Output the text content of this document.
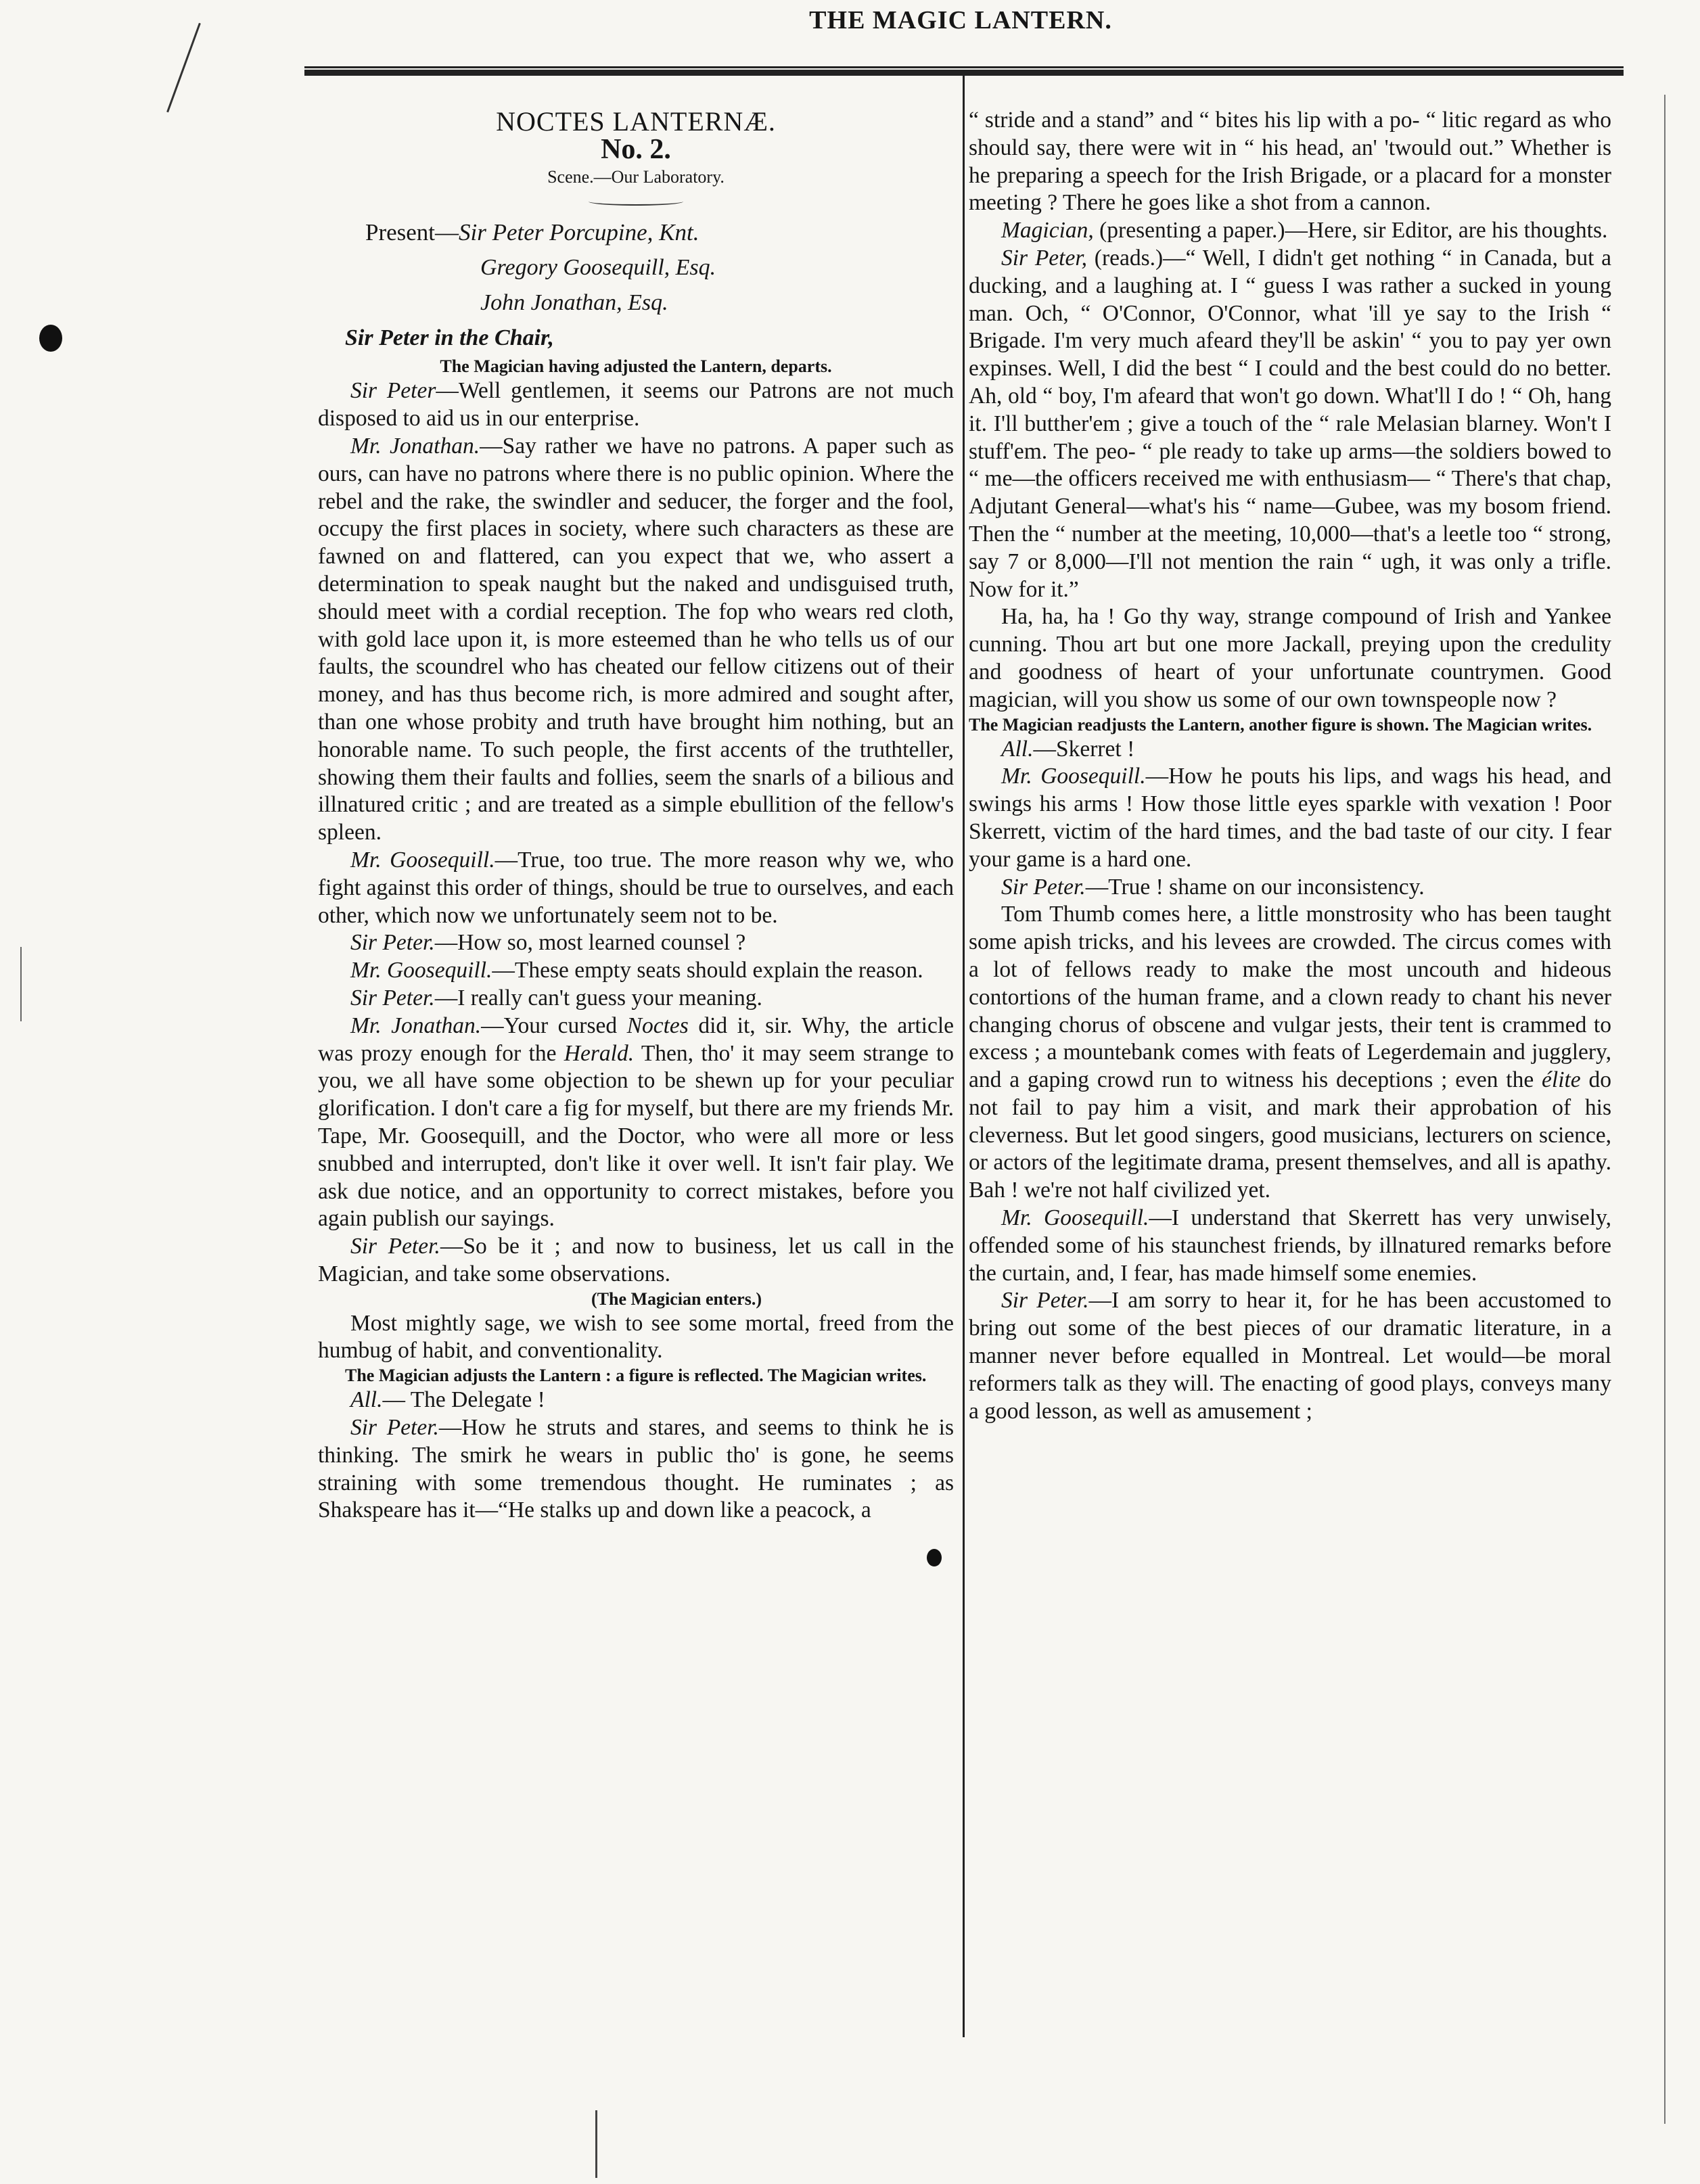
THE MAGIC LANTERN.

NOCTES LANTERNÆ.

No. 2.

Scene.—Our Laboratory.

Present—Sir Peter Porcupine, Knt.

Gregory Goosequill, Esq.

John Jonathan, Esq.

Sir Peter in the Chair,

The Magician having adjusted the Lantern, departs.

Sir Peter—Well gentlemen, it seems our Patrons are not much disposed to aid us in our enterprise.

Mr. Jonathan.—Say rather we have no patrons. A paper such as ours, can have no patrons where there is no public opinion. Where the rebel and the rake, the swindler and seducer, the forger and the fool, occupy the first places in society, where such characters as these are fawned on and flattered, can you expect that we, who assert a determination to speak naught but the naked and undisguised truth, should meet with a cordial reception. The fop who wears red cloth, with gold lace upon it, is more esteemed than he who tells us of our faults, the scoundrel who has cheated our fellow citizens out of their money, and has thus become rich, is more admired and sought after, than one whose probity and truth have brought him nothing, but an honorable name. To such people, the first accents of the truthteller, showing them their faults and follies, seem the snarls of a bilious and illnatured critic ; and are treated as a simple ebullition of the fellow's spleen.

Mr. Goosequill.—True, too true. The more reason why we, who fight against this order of things, should be true to ourselves, and each other, which now we unfortunately seem not to be.

Sir Peter.—How so, most learned counsel ?

Mr. Goosequill.—These empty seats should explain the reason.

Sir Peter.—I really can't guess your meaning.

Mr. Jonathan.—Your cursed Noctes did it, sir. Why, the article was prozy enough for the Herald. Then, tho' it may seem strange to you, we all have some objection to be shewn up for your peculiar glorification. I don't care a fig for myself, but there are my friends Mr. Tape, Mr. Goosequill, and the Doctor, who were all more or less snubbed and interrupted, don't like it over well. It isn't fair play. We ask due notice, and an opportunity to correct mistakes, before you again publish our sayings.

Sir Peter.—So be it ; and now to business, let us call in the Magician, and take some observations.

(The Magician enters.)

Most mightly sage, we wish to see some mortal, freed from the humbug of habit, and conventionality.

The Magician adjusts the Lantern : a figure is reflected. The Magician writes.

All.— The Delegate !

Sir Peter.—How he struts and stares, and seems to think he is thinking. The smirk he wears in public tho' is gone, he seems straining with some tremendous thought. He ruminates ; as Shakspeare has it—“He stalks up and down like a peacock, a

“ stride and a stand” and “ bites his lip with a po- “ litic regard as who should say, there were wit in “ his head, an' 'twould out.” Whether is he preparing a speech for the Irish Brigade, or a placard for a monster meeting ? There he goes like a shot from a cannon.

Magician, (presenting a paper.)—Here, sir Editor, are his thoughts.

Sir Peter, (reads.)—“ Well, I didn't get nothing “ in Canada, but a ducking, and a laughing at. I “ guess I was rather a sucked in young man. Och, “ O'Connor, O'Connor, what 'ill ye say to the Irish “ Brigade. I'm very much afeard they'll be askin' “ you to pay yer own expinses. Well, I did the best “ I could and the best could do no better. Ah, old “ boy, I'm afeard that won't go down. What'll I do ! “ Oh, hang it. I'll butther'em ; give a touch of the “ rale Melasian blarney. Won't I stuff'em. The peo- “ ple ready to take up arms—the soldiers bowed to “ me—the officers received me with enthusiasm— “ There's that chap, Adjutant General—what's his “ name—Gubee, was my bosom friend. Then the “ number at the meeting, 10,000—that's a leetle too “ strong, say 7 or 8,000—I'll not mention the rain “ ugh, it was only a trifle. Now for it.”

Ha, ha, ha ! Go thy way, strange compound of Irish and Yankee cunning. Thou art but one more Jackall, preying upon the credulity and goodness of heart of your unfortunate countrymen. Good magician, will you show us some of our own townspeople now ?

The Magician readjusts the Lantern, another figure is shown. The Magician writes.

All.—Skerret !

Mr. Goosequill.—How he pouts his lips, and wags his head, and swings his arms ! How those little eyes sparkle with vexation ! Poor Skerrett, victim of the hard times, and the bad taste of our city. I fear your game is a hard one.

Sir Peter.—True ! shame on our inconsistency.

Tom Thumb comes here, a little monstrosity who has been taught some apish tricks, and his levees are crowded. The circus comes with a lot of fellows ready to make the most uncouth and hideous contortions of the human frame, and a clown ready to chant his never changing chorus of obscene and vulgar jests, their tent is crammed to excess ; a mountebank comes with feats of Legerdemain and jugglery, and a gaping crowd run to witness his deceptions ; even the élite do not fail to pay him a visit, and mark their approbation of his cleverness. But let good singers, good musicians, lecturers on science, or actors of the legitimate drama, present themselves, and all is apathy. Bah ! we're not half civilized yet.

Mr. Goosequill.—I understand that Skerrett has very unwisely, offended some of his staunchest friends, by illnatured remarks before the curtain, and, I fear, has made himself some enemies.

Sir Peter.—I am sorry to hear it, for he has been accustomed to bring out some of the best pieces of our dramatic literature, in a manner never before equalled in Montreal. Let would—be moral reformers talk as they will. The enacting of good plays, conveys many a good lesson, as well as amusement ;
